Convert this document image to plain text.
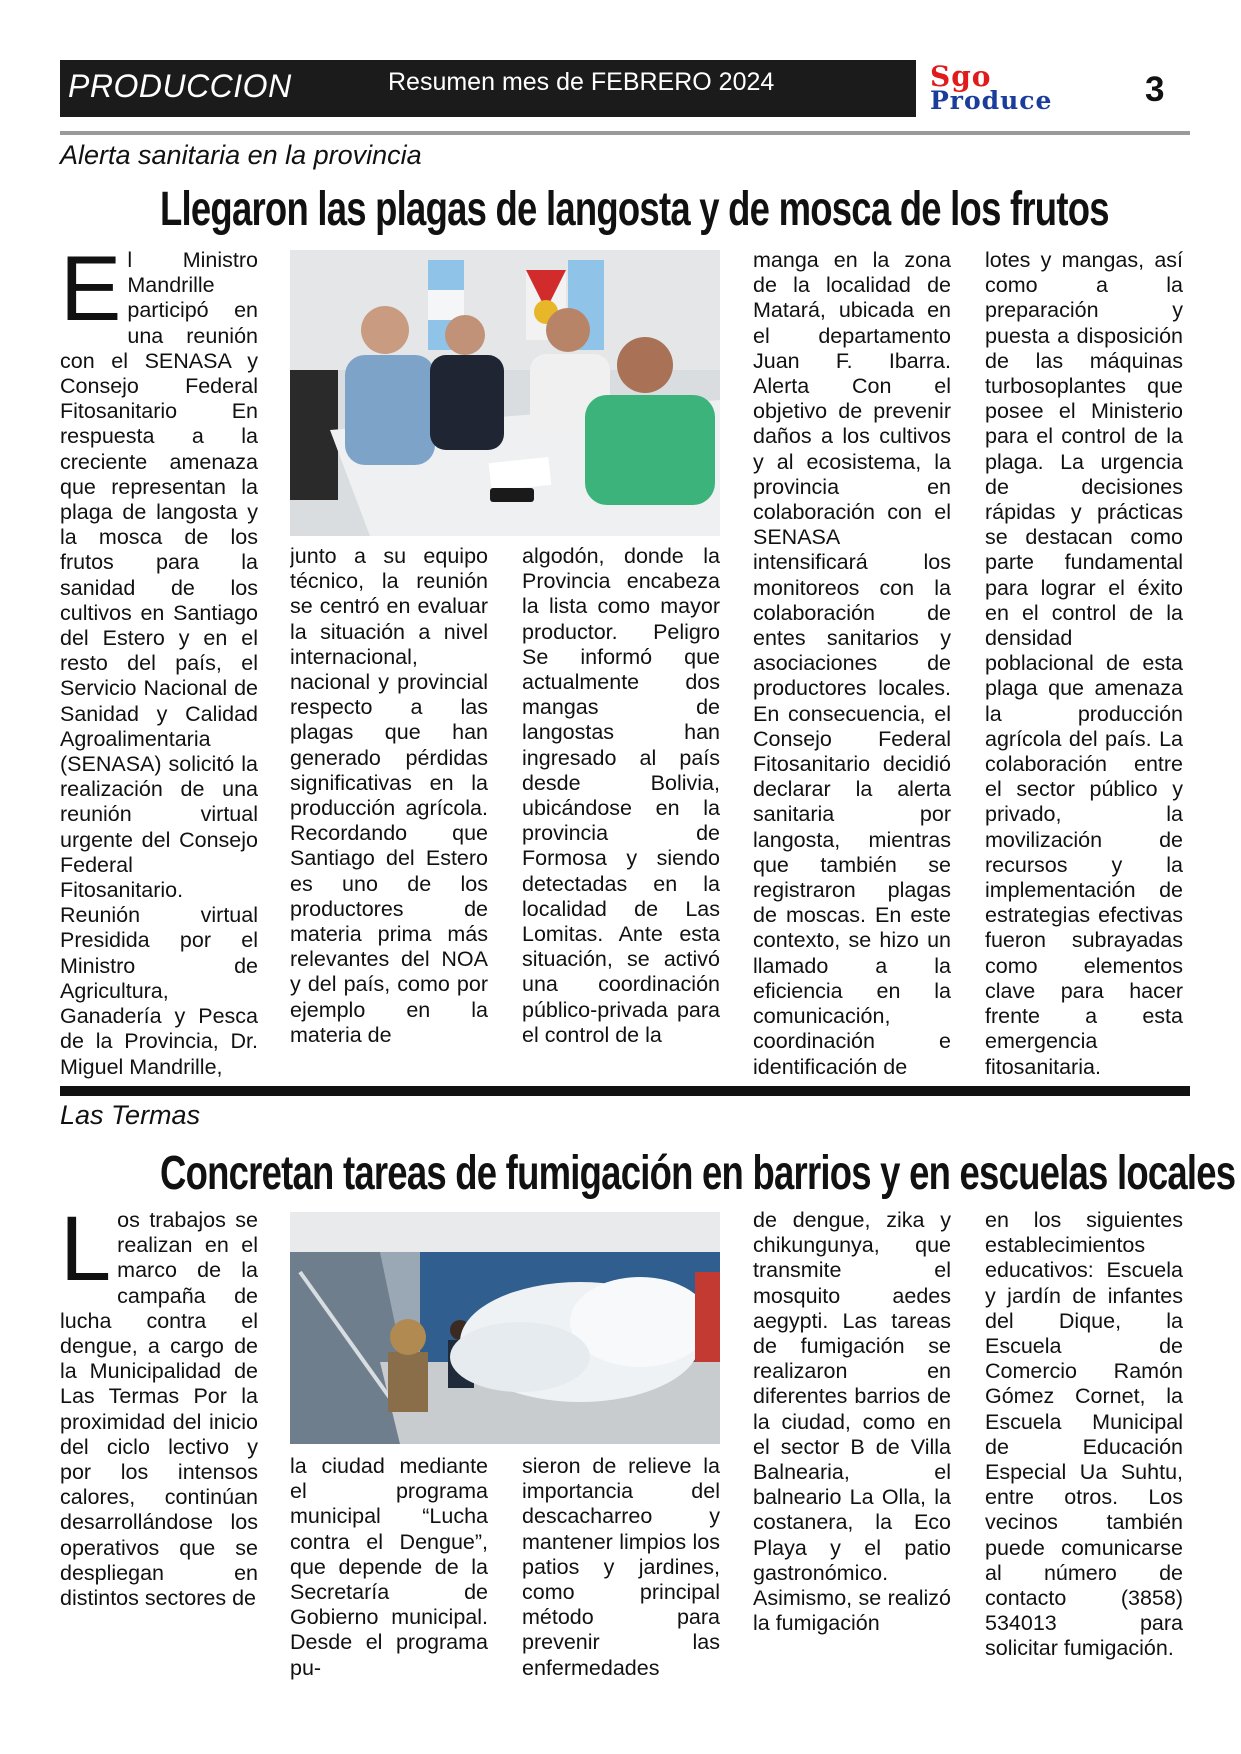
PRODUCCION	Resumen mes de FEBRERO 2024	Sgo
Produce	3
Alerta sanitaria en la provincia
Llegaron las plagas de langosta y de mosca de los frutos
E l Ministro Mandrille participó en una reunión con el SENASA y Consejo Federal Fitosanitario En respuesta a la creciente amenaza que representan la plaga de langosta y la mosca de los frutos para la sanidad de los cultivos en Santiago del Estero y en el resto del país, el Servicio Nacional de Sanidad y Calidad Agroalimentaria (SENASA) solicitó la realización de una reunión virtual urgente del Consejo Federal Fitosanitario. Reunión virtual Presidida por el Ministro de Agricultura, Ganadería y Pesca de la Provincia, Dr. Miguel Mandrille,
junto a su equipo técnico, la reunión se centró en evaluar la situación a nivel internacional, nacional y provincial respecto a las plagas que han generado pérdidas significativas en la producción agrícola. Recordando que Santiago del Estero es uno de los productores de materia prima más relevantes del NOA y del país, como por ejemplo en la materia de
algodón, donde la Provincia encabeza la lista como mayor productor. Peligro Se informó que actualmente dos mangas de langostas han ingresado al país desde Bolivia, ubicándose en la provincia de Formosa y siendo detectadas en la localidad de Las Lomitas. Ante esta situación, se activó una coordinación público-privada para el control de la
manga en la zona de la localidad de Matará, ubicada en el departamento Juan F. Ibarra. Alerta Con el objetivo de prevenir daños a los cultivos y al ecosistema, la provincia en colaboración con el SENASA intensificará los monitoreos con la colaboración de entes sanitarios y asociaciones de productores locales. En consecuencia, el Consejo Federal Fitosanitario decidió declarar la alerta sanitaria por langosta, mientras que también se registraron plagas de moscas. En este contexto, se hizo un llamado a la eficiencia en la comunicación, coordinación e identificación de
lotes y mangas, así como a la preparación y puesta a disposición de las máquinas turbosoplantes que posee el Ministerio para el control de la plaga. La urgencia de decisiones rápidas y prácticas se destacan como parte fundamental para lograr el éxito en el control de la densidad poblacional de esta plaga que amenaza la producción agrícola del país. La colaboración entre el sector público y privado, la movilización de recursos y la implementación de estrategias efectivas fueron subrayadas como elementos clave para hacer frente a esta emergencia fitosanitaria.
Las Termas
Concretan tareas de fumigación en barrios y en escuelas locales
L os trabajos se realizan en el marco de la campaña de lucha contra el dengue, a cargo de la Municipalidad de Las Termas Por la proximidad del inicio del ciclo lectivo y por los intensos calores, continúan desarrollándose los operativos que se despliegan en distintos sectores de
la ciudad mediante el programa municipal “Lucha contra el Dengue”, que depende de la Secretaría de Gobierno municipal. Desde el programa pu-
sieron de relieve la importancia del descacharreo y mantener limpios los patios y jardines, como principal método para prevenir las enfermedades
de dengue, zika y chikungunya, que transmite el mosquito aedes aegypti. Las tareas de fumigación se realizaron en diferentes barrios de la ciudad, como en el sector B de Villa Balnearia, el balneario La Olla, la costanera, la Eco Playa y el patio gastronómico. Asimismo, se realizó la fumigación
en los siguientes establecimientos educativos: Escuela y jardín de infantes del Dique, la Escuela de Comercio Ramón Gómez Cornet, la Escuela Municipal de Educación Especial Ua Suhtu, entre otros. Los vecinos también puede comunicarse al número de contacto (3858) 534013 para solicitar fumigación.
